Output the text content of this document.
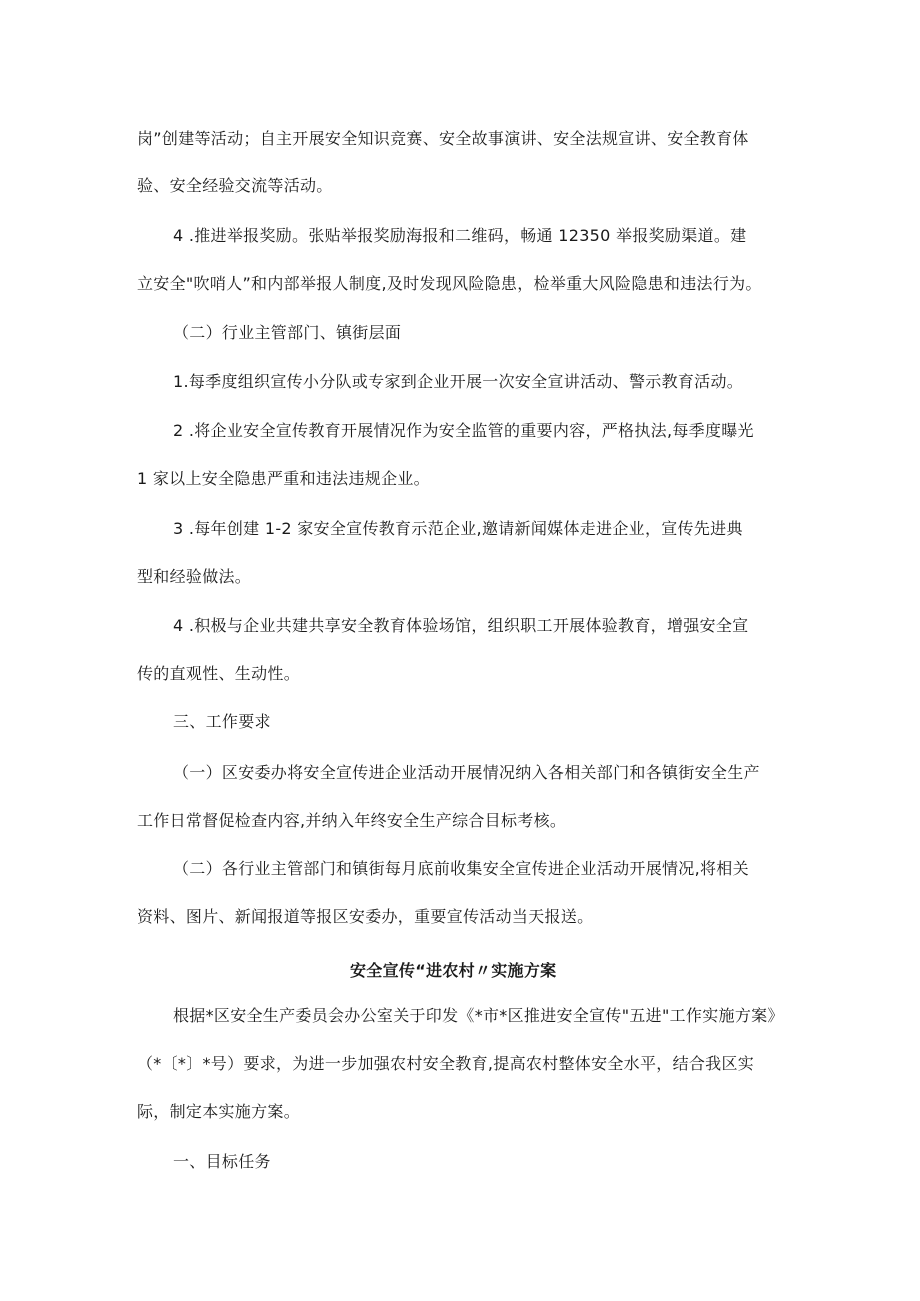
岗”创建等活动；自主开展安全知识竞赛、安全故事演讲、安全法规宣讲、安全教育体
验、安全经验交流等活动。
4 .推进举报奖励。张贴举报奖励海报和二维码，畅通 12350 举报奖励渠道。建
立安全"吹哨人”和内部举报人制度,及时发现风险隐患，检举重大风险隐患和违法行为。
（二）行业主管部门、镇街层面
1.每季度组织宣传小分队或专家到企业开展一次安全宣讲活动、警示教育活动。
2 .将企业安全宣传教育开展情况作为安全监管的重要内容，严格执法,每季度曝光
1 家以上安全隐患严重和违法违规企业。
3 .每年创建 1-2 家安全宣传教育示范企业,邀请新闻媒体走进企业，宣传先进典
型和经验做法。
4 .积极与企业共建共享安全教育体验场馆，组织职工开展体验教育，增强安全宣
传的直观性、生动性。
三、工作要求
（一）区安委办将安全宣传进企业活动开展情况纳入各相关部门和各镇街安全生产
工作日常督促检查内容,并纳入年终安全生产综合目标考核。
（二）各行业主管部门和镇街每月底前收集安全宣传进企业活动开展情况,将相关
资料、图片、新闻报道等报区安委办，重要宣传活动当天报送。
安全宣传“进农村〃实施方案
根据*区安全生产委员会办公室关于印发《*市*区推进安全宣传"五进"工作实施方案》
（*〔*〕*号）要求，为进一步加强农村安全教育,提高农村整体安全水平，结合我区实
际，制定本实施方案。
一、目标任务
